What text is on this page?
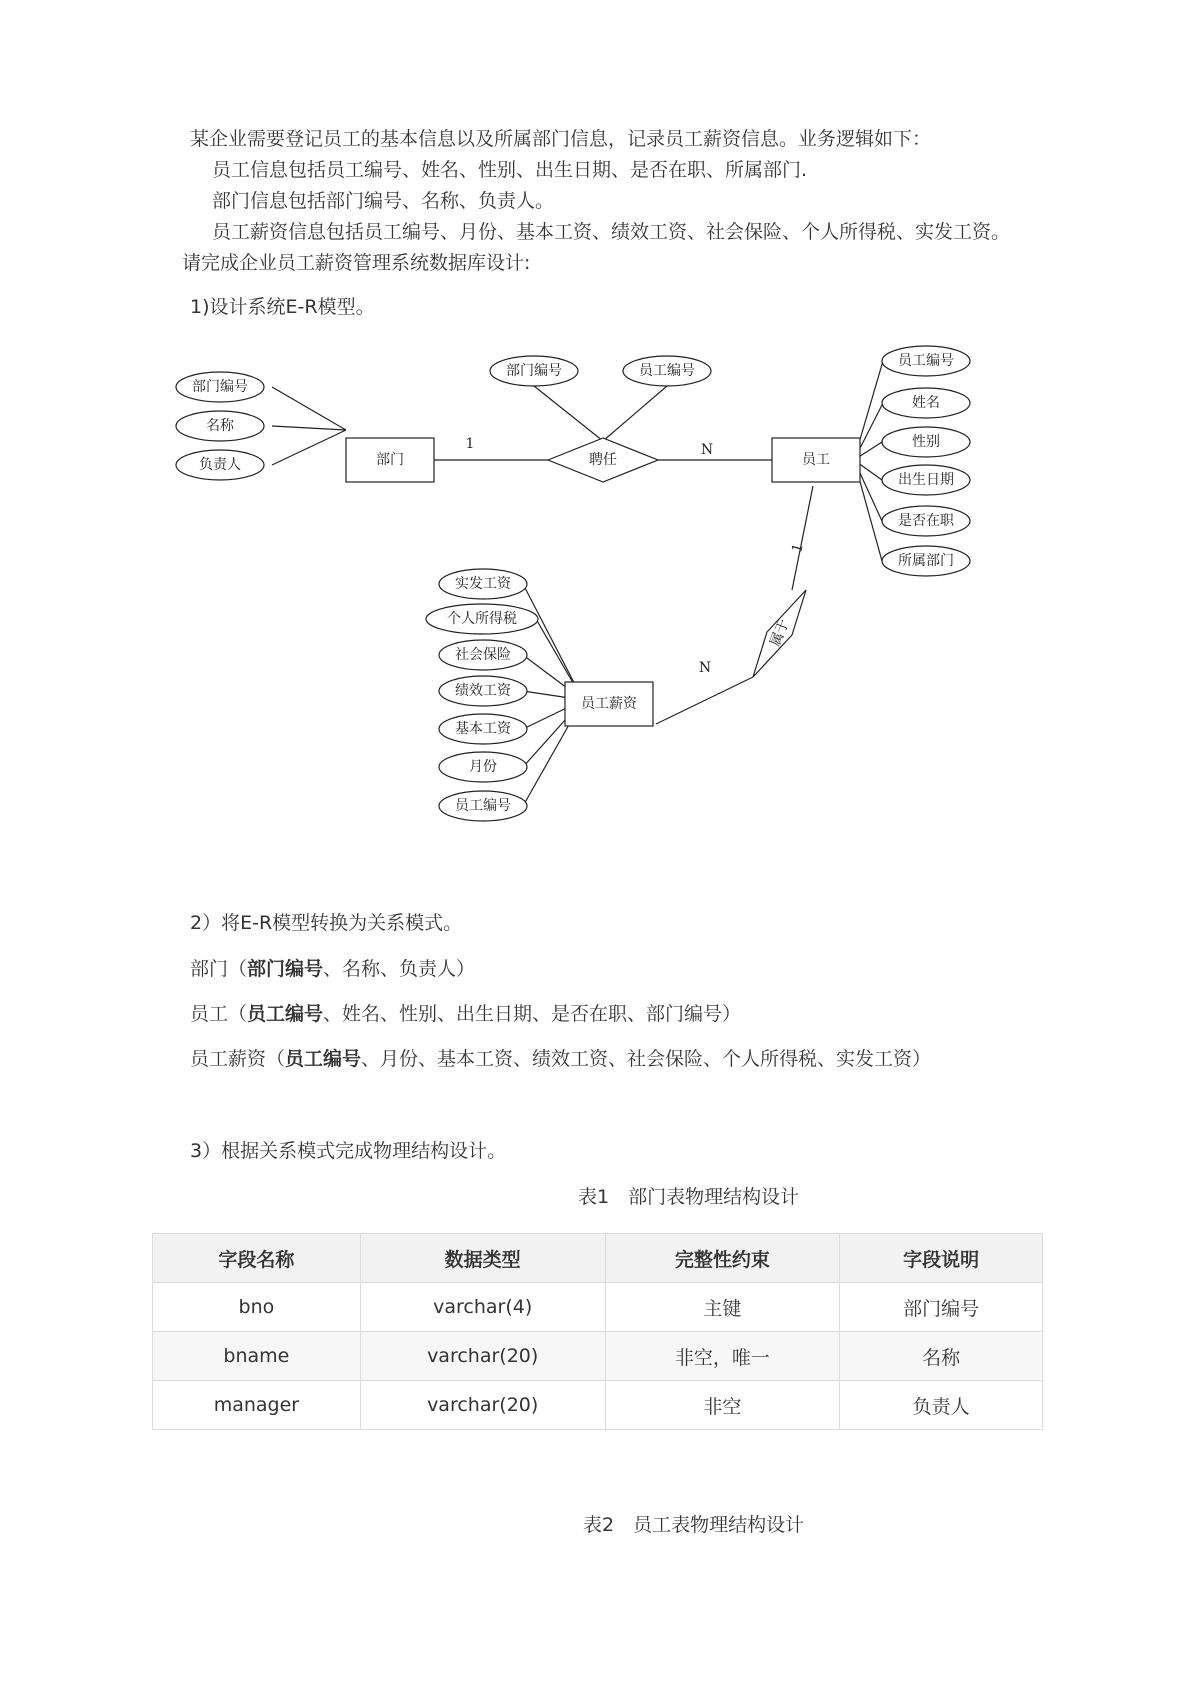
某企业需要登记员工的基本信息以及所属部门信息，记录员工薪资信息。业务逻辑如下：

员工信息包括员工编号、姓名、性别、出生日期、是否在职、所属部门.

部门信息包括部门编号、名称、负责人。

员工薪资信息包括员工编号、月份、基本工资、绩效工资、社会保险、个人所得税、实发工资。

请完成企业员工薪资管理系统数据库设计:

1)设计系统E-R模型。

部门	员工
员工薪资
聘任
属于
1	N
1
N
部门编号
名称
负责人
部门编号	员工编号
员工编号
姓名
性别
出生日期
是否在职
所属部门
实发工资
个人所得税
社会保险
绩效工资
基本工资
月份
员工编号

2）将E-R模型转换为关系模式。

部门（部门编号、名称、负责人）

员工（员工编号、姓名、性别、出生日期、是否在职、部门编号）

员工薪资（员工编号、月份、基本工资、绩效工资、社会保险、个人所得税、实发工资）

3）根据关系模式完成物理结构设计。

表1　部门表物理结构设计
字段名称	数据类型	完整性约束	字段说明
bno	varchar(4)	主键	部门编号
bname	varchar(20)	非空，唯一	名称
manager	varchar(20)	非空	负责人
表2　员工表物理结构设计
